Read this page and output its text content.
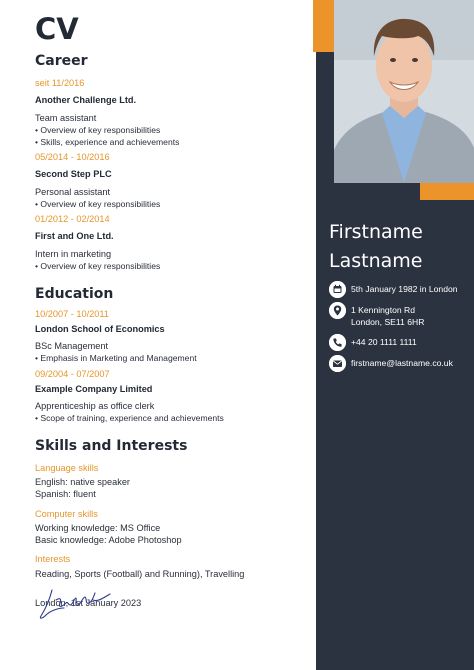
CV
Career
seit 11/2016
Another Challenge Ltd.
Team assistant
• Overview of key responsibilities
• Skills, experience and achievements
05/2014 - 10/2016
Second Step PLC
Personal assistant
• Overview of key responsibilities
01/2012 - 02/2014
First and One Ltd.
Intern in marketing
• Overview of key responsibilities
Education
10/2007 - 10/2011
London School of Economics
BSc Management
• Emphasis in Marketing and Management
09/2004 - 07/2007
Example Company Limited
Apprenticeship as office clerk
• Scope of training, experience and achievements
Skills and Interests
Language skills
English: native speaker
Spanish: fluent
Computer skills
Working knowledge: MS Office
Basic knowledge: Adobe Photoshop
Interests
Reading, Sports (Football) and Running), Travelling
London, 1st January 2023
Firstname
Lastname
5th January 1982 in London
1 Kennington Rd
London, SE11 6HR
+44 20 1111 1111
firstname@lastname.co.uk
